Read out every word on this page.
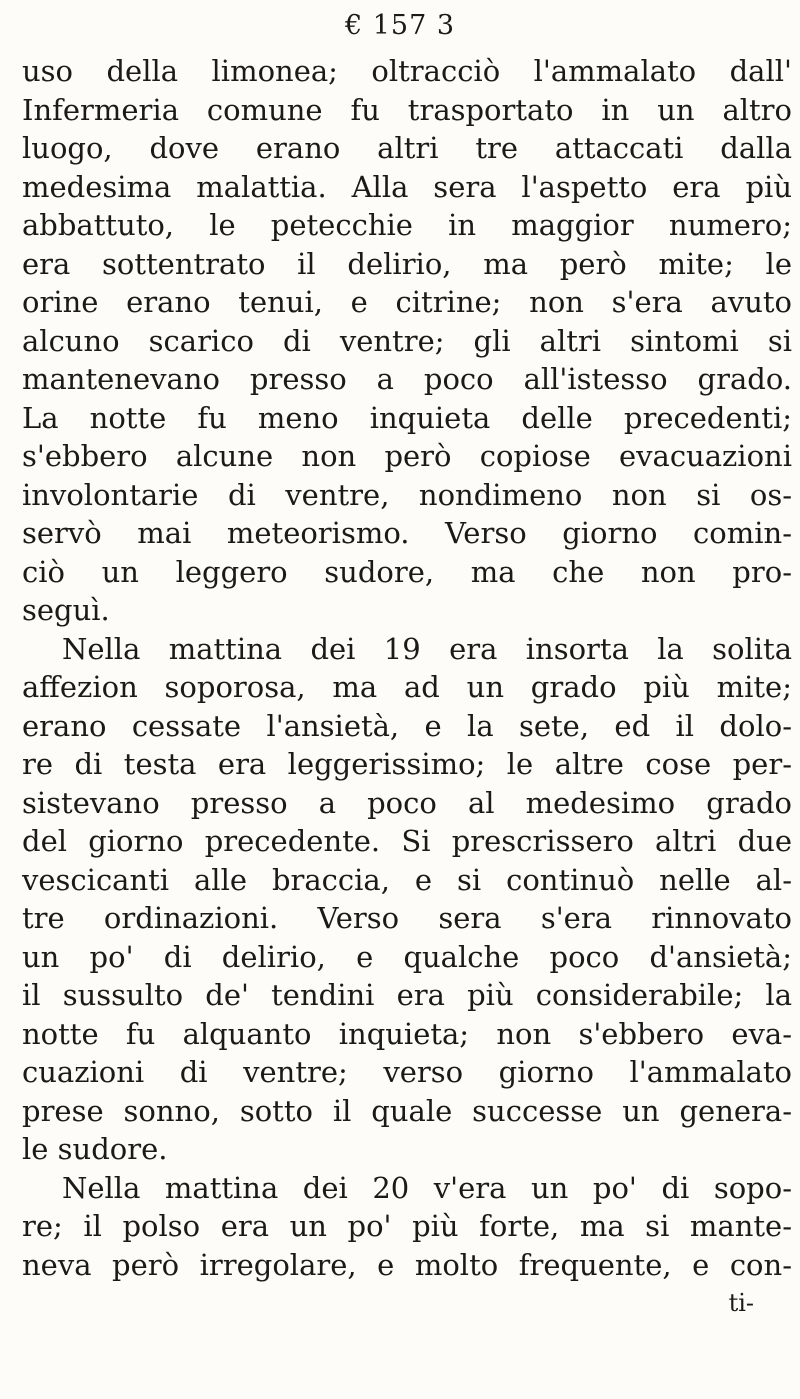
€ 157 3
uso della limonea; oltracciò l'ammalato dall'
Infermeria comune fu trasportato in un altro
luogo, dove erano altri tre attaccati dalla
medesima malattia. Alla sera l'aspetto era più
abbattuto, le petecchie in maggior numero;
era sottentrato il delirio, ma però mite; le
orine erano tenui, e citrine; non s'era avuto
alcuno scarico di ventre; gli altri sintomi si
mantenevano presso a poco all'istesso grado.
La notte fu meno inquieta delle precedenti;
s'ebbero alcune non però copiose evacuazioni
involontarie di ventre, nondimeno non si os-
servò mai meteorismo. Verso giorno comin-
ciò un leggero sudore, ma che non pro-
seguì.
Nella mattina dei 19 era insorta la solita
affezion soporosa, ma ad un grado più mite;
erano cessate l'ansietà, e la sete, ed il dolo-
re di testa era leggerissimo; le altre cose per-
sistevano presso a poco al medesimo grado
del giorno precedente. Si prescrissero altri due
vescicanti alle braccia, e si continuò nelle al-
tre ordinazioni. Verso sera s'era rinnovato
un po' di delirio, e qualche poco d'ansietà;
il sussulto de' tendini era più considerabile; la
notte fu alquanto inquieta; non s'ebbero eva-
cuazioni di ventre; verso giorno l'ammalato
prese sonno, sotto il quale successe un genera-
le sudore.
Nella mattina dei 20 v'era un po' di sopo-
re; il polso era un po' più forte, ma si mante-
neva però irregolare, e molto frequente, e con-
ti-
